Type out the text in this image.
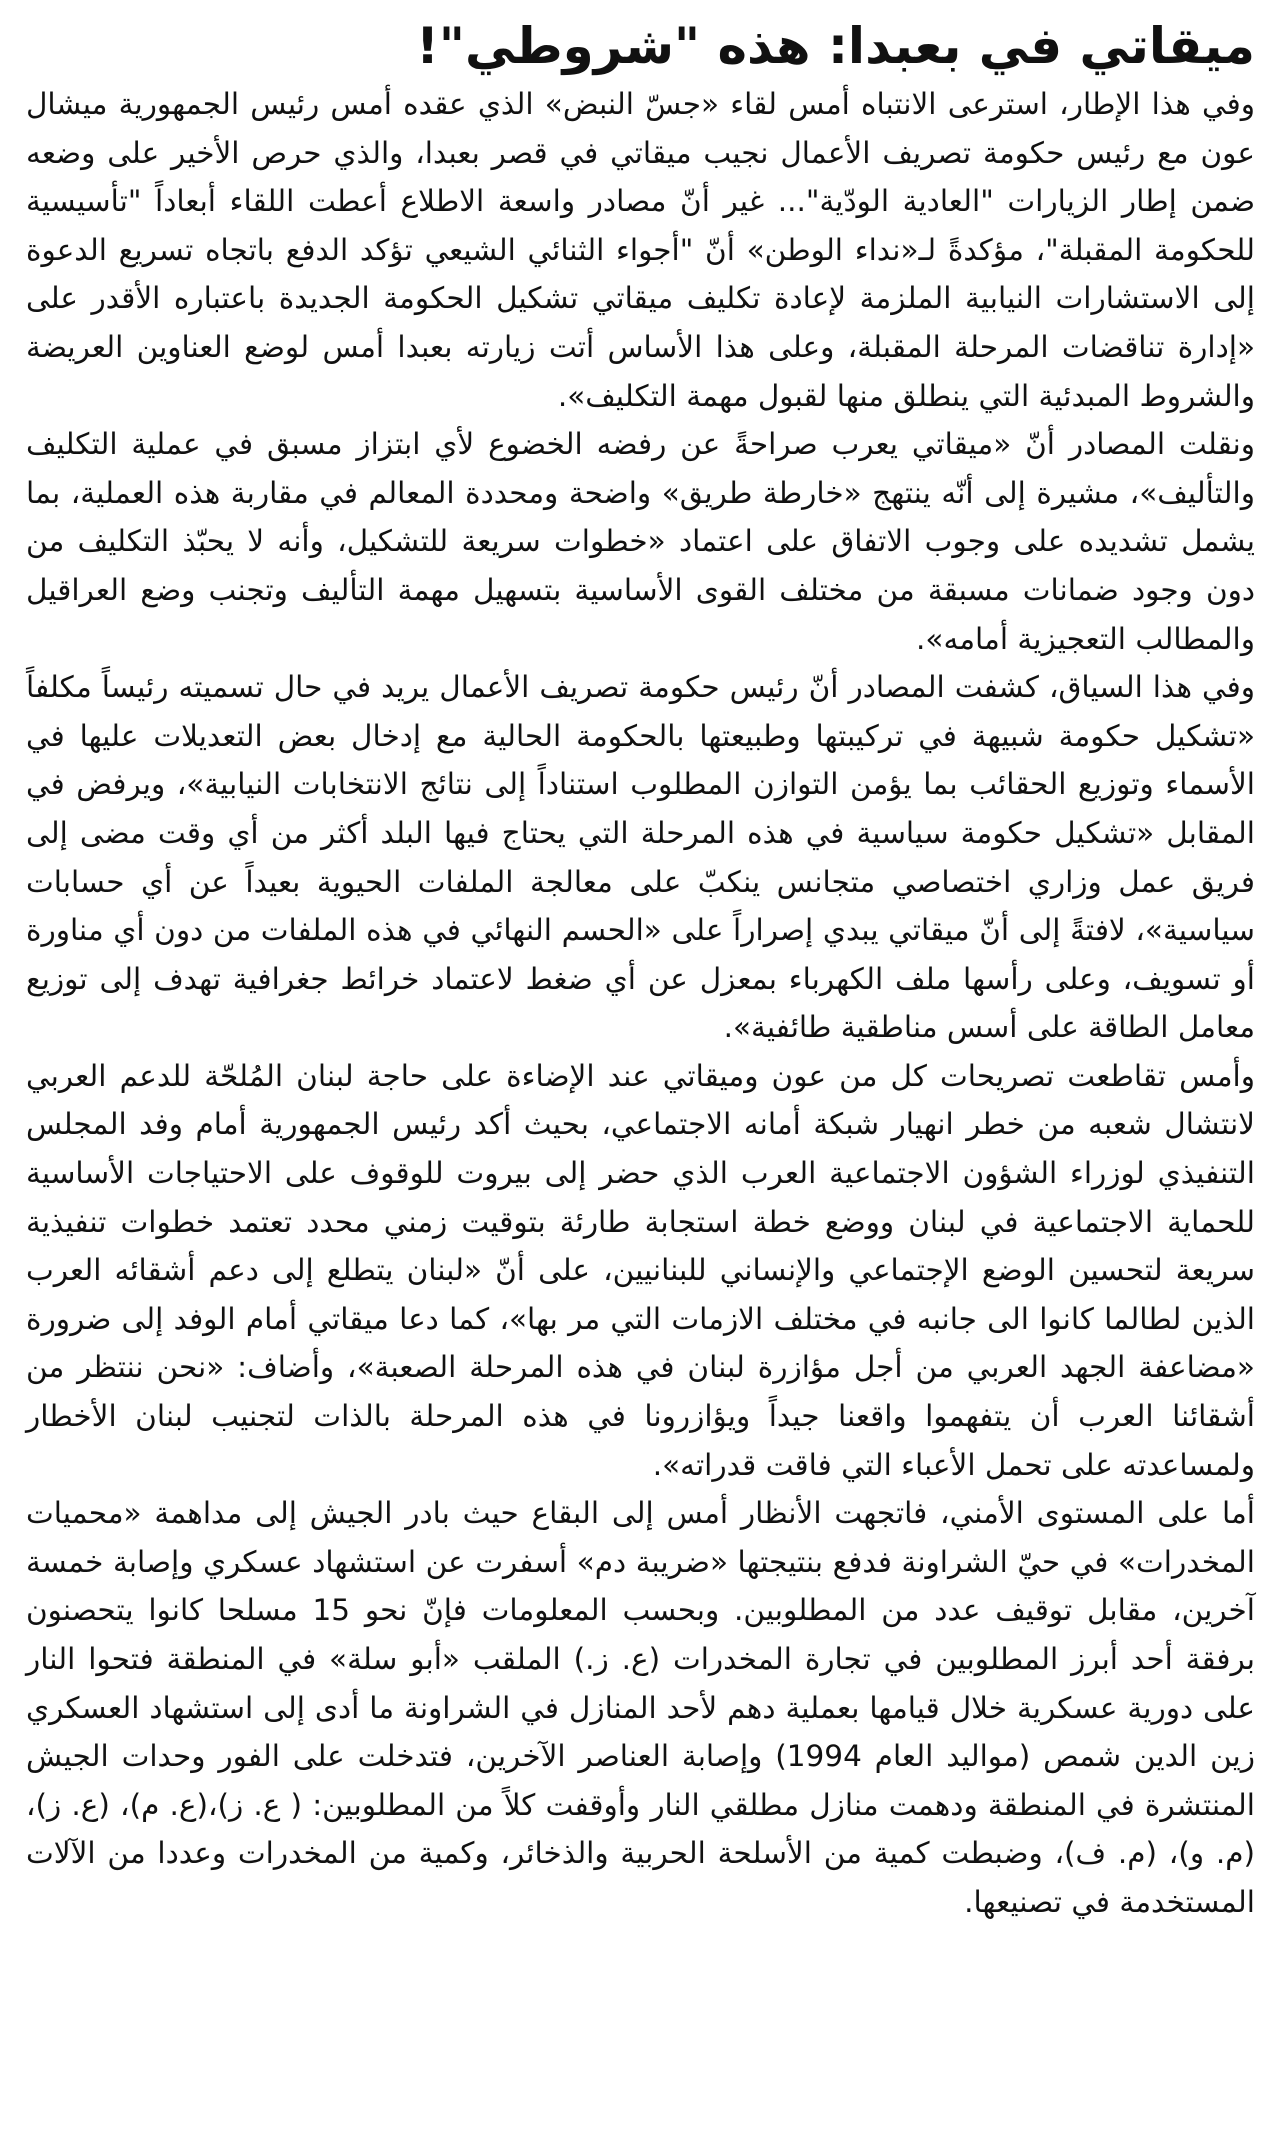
ميقاتي في بعبدا: هذه "شروطي"!

وفي هذا الإطار، استرعى الانتباه أمس لقاء «جسّ النبض» الذي عقده أمس رئيس الجمهورية ميشال عون مع رئيس حكومة تصريف الأعمال نجيب ميقاتي في قصر بعبدا، والذي حرص الأخير على وضعه ضمن إطار الزيارات "العادية الودّية"... غير أنّ مصادر واسعة الاطلاع أعطت اللقاء أبعاداً "تأسيسية للحكومة المقبلة"، مؤكدةً لـ«نداء الوطن» أنّ "أجواء الثنائي الشيعي تؤكد الدفع باتجاه تسريع الدعوة إلى الاستشارات النيابية الملزمة لإعادة تكليف ميقاتي تشكيل الحكومة الجديدة باعتباره الأقدر على «إدارة تناقضات المرحلة المقبلة، وعلى هذا الأساس أتت زيارته بعبدا أمس لوضع العناوين العريضة والشروط المبدئية التي ينطلق منها لقبول مهمة التكليف».

ونقلت المصادر أنّ «ميقاتي يعرب صراحةً عن رفضه الخضوع لأي ابتزاز مسبق في عملية التكليف والتأليف»، مشيرة إلى أنّه ينتهج «خارطة طريق» واضحة ومحددة المعالم في مقاربة هذه العملية، بما يشمل تشديده على وجوب الاتفاق على اعتماد «خطوات سريعة للتشكيل، وأنه لا يحبّذ التكليف من دون وجود ضمانات مسبقة من مختلف القوى الأساسية بتسهيل مهمة التأليف وتجنب وضع العراقيل والمطالب التعجيزية أمامه».

وفي هذا السياق، كشفت المصادر أنّ رئيس حكومة تصريف الأعمال يريد في حال تسميته رئيساً مكلفاً «تشكيل حكومة شبيهة في تركيبتها وطبيعتها بالحكومة الحالية مع إدخال بعض التعديلات عليها في الأسماء وتوزيع الحقائب بما يؤمن التوازن المطلوب استناداً إلى نتائج الانتخابات النيابية»، ويرفض في المقابل «تشكيل حكومة سياسية في هذه المرحلة التي يحتاج فيها البلد أكثر من أي وقت مضى إلى فريق عمل وزاري اختصاصي متجانس ينكبّ على معالجة الملفات الحيوية بعيداً عن أي حسابات سياسية»، لافتةً إلى أنّ ميقاتي يبدي إصراراً على «الحسم النهائي في هذه الملفات من دون أي مناورة أو تسويف، وعلى رأسها ملف الكهرباء بمعزل عن أي ضغط لاعتماد خرائط جغرافية تهدف إلى توزيع معامل الطاقة على أسس مناطقية طائفية».

وأمس تقاطعت تصريحات كل من عون وميقاتي عند الإضاءة على حاجة لبنان المُلحّة للدعم العربي لانتشال شعبه من خطر انهيار شبكة أمانه الاجتماعي، بحيث أكد رئيس الجمهورية أمام وفد المجلس التنفيذي لوزراء الشؤون الاجتماعية العرب الذي حضر إلى بيروت للوقوف على الاحتياجات الأساسية للحماية الاجتماعية في لبنان ووضع خطة استجابة طارئة بتوقيت زمني محدد تعتمد خطوات تنفيذية سريعة لتحسين الوضع الإجتماعي والإنساني للبنانيين، على أنّ «لبنان يتطلع إلى دعم أشقائه العرب الذين لطالما كانوا الى جانبه في مختلف الازمات التي مر بها»، كما دعا ميقاتي أمام الوفد إلى ضرورة «مضاعفة الجهد العربي من أجل مؤازرة لبنان في هذه المرحلة الصعبة»، وأضاف: «نحن ننتظر من أشقائنا العرب أن يتفهموا واقعنا جيداً ويؤازرونا في هذه المرحلة بالذات لتجنيب لبنان الأخطار ولمساعدته على تحمل الأعباء التي فاقت قدراته».

أما على المستوى الأمني، فاتجهت الأنظار أمس إلى البقاع حيث بادر الجيش إلى مداهمة «محميات المخدرات» في حيّ الشراونة فدفع بنتيجتها «ضريبة دم» أسفرت عن استشهاد عسكري وإصابة خمسة آخرين، مقابل توقيف عدد من المطلوبين. وبحسب المعلومات فإنّ نحو 15 مسلحا كانوا يتحصنون برفقة أحد أبرز المطلوبين في تجارة المخدرات (ع. ز.) الملقب «أبو سلة» في المنطقة فتحوا النار على دورية عسكرية خلال قيامها بعملية دهم لأحد المنازل في الشراونة ما أدى إلى استشهاد العسكري زين الدين شمص (مواليد العام 1994) وإصابة العناصر الآخرين، فتدخلت على الفور وحدات الجيش المنتشرة في المنطقة ودهمت منازل مطلقي النار وأوقفت كلاً من المطلوبين: ( ع. ز)،(ع. م)، (ع. ز)، (م. و)، (م. ف)، وضبطت كمية من الأسلحة الحربية والذخائر، وكمية من المخدرات وعددا من الآلات المستخدمة في تصنيعها.
